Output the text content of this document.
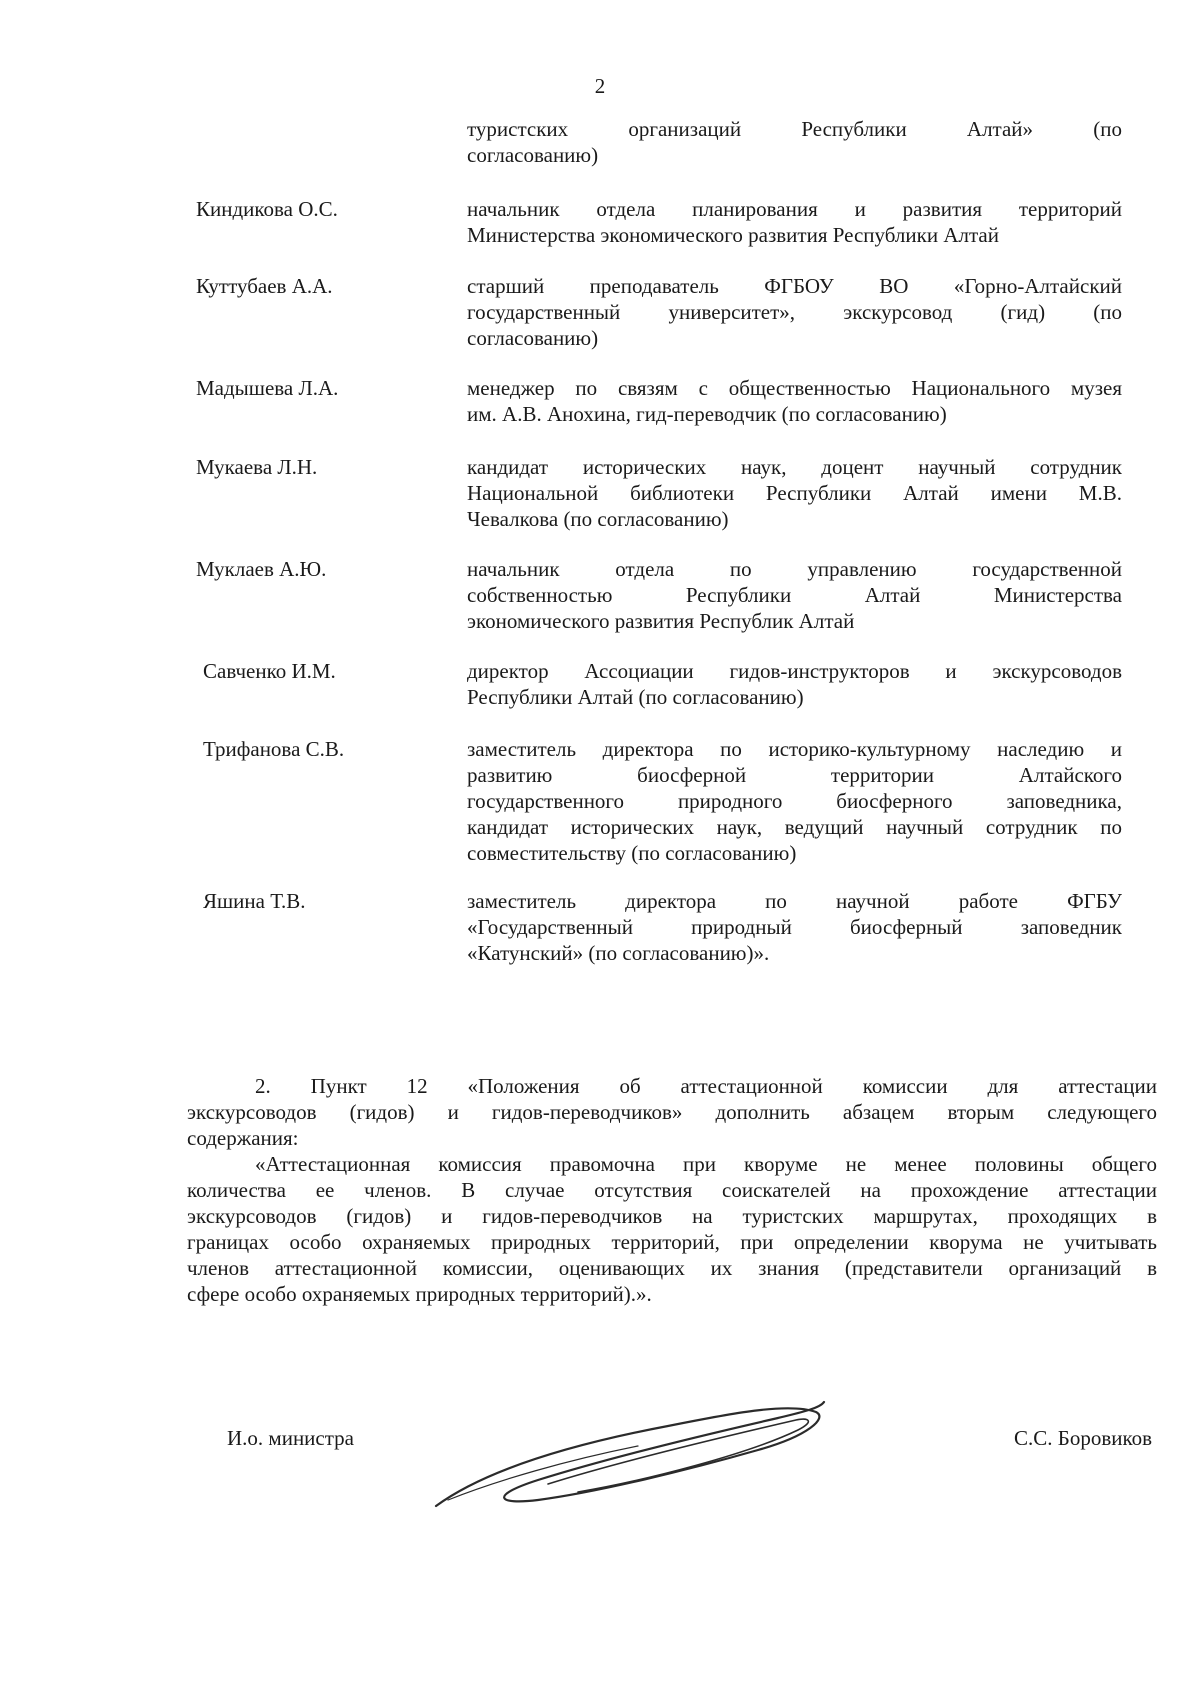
2
туристских организаций Республики Алтай» (по
согласованию)
Киндикова О.С.	начальник отдела планирования и развития территорий
Министерства экономического развития Республики Алтай
Куттубаев А.А.	старший преподаватель ФГБОУ ВО «Горно-Алтайский
государственный университет», экскурсовод (гид) (по
согласованию)
Мадышева Л.А.	менеджер по связям с общественностью Национального музея
им. А.В. Анохина, гид-переводчик (по согласованию)
Мукаева Л.Н.	кандидат исторических наук, доцент научный сотрудник
Национальной библиотеки Республики Алтай имени М.В.
Чевалкова (по согласованию)
Муклаев А.Ю.	начальник отдела по управлению государственной
собственностью Республики Алтай Министерства
экономического развития Республик Алтай
Савченко И.М.	директор Ассоциации гидов-инструкторов и экскурсоводов
Республики Алтай (по согласованию)
Трифанова С.В.	заместитель директора по историко-культурному наследию и
развитию биосферной территории Алтайского
государственного природного биосферного заповедника,
кандидат исторических наук, ведущий научный сотрудник по
совместительству (по согласованию)
Яшина Т.В.	заместитель директора по научной работе ФГБУ
«Государственный природный биосферный заповедник
«Катунский» (по согласованию)».

2. Пункт 12 «Положения об аттестационной комиссии для аттестации
экскурсоводов (гидов) и гидов-переводчиков» дополнить абзацем вторым следующего
содержания:

«Аттестационная комиссия правомочна при кворуме не менее половины общего
количества ее членов. В случае отсутствия соискателей на прохождение аттестации
экскурсоводов (гидов) и гидов-переводчиков на туристских маршрутах, проходящих в
границах особо охраняемых природных территорий, при определении кворума не учитывать
членов аттестационной комиссии, оценивающих их знания (представители организаций в
сфере особо охраняемых природных территорий).».

И.о. министра	С.С. Боровиков
